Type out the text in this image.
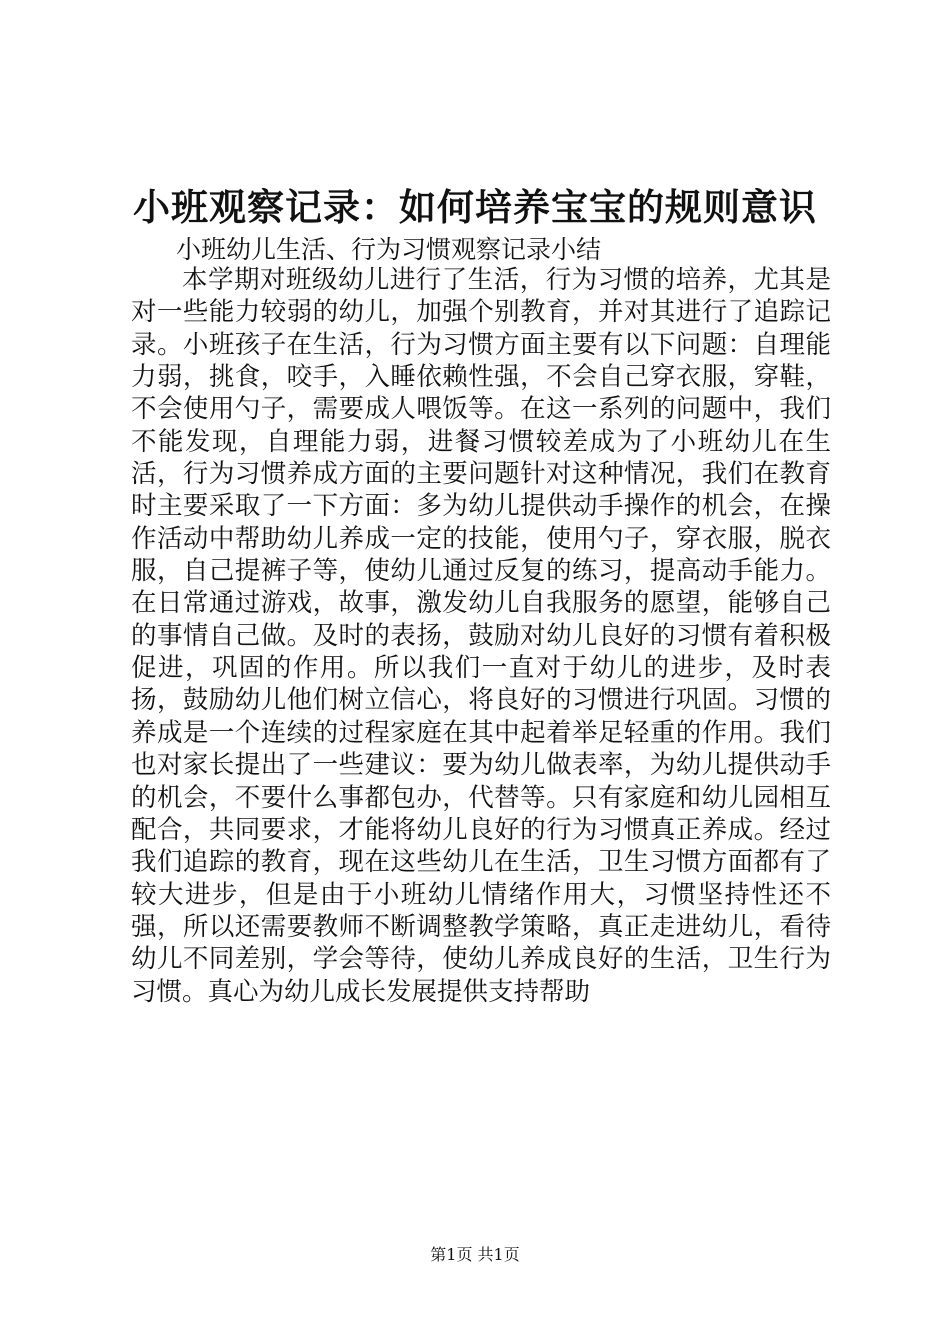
小班观察记录：如何培养宝宝的规则意识
小班幼儿生活、行为习惯观察记录小结

本学期对班级幼儿进行了生活，行为习惯的培养，尤其是对一些能力较弱的幼儿，加强个别教育，并对其进行了追踪记录。小班孩子在生活，行为习惯方面主要有以下问题：自理能力弱，挑食，咬手，入睡依赖性强，不会自己穿衣服，穿鞋，不会使用勺子，需要成人喂饭等。在这一系列的问题中，我们不能发现，自理能力弱，进餐习惯较差成为了小班幼儿在生活，行为习惯养成方面的主要问题针对这种情况，我们在教育时主要采取了一下方面：多为幼儿提供动手操作的机会，在操作活动中帮助幼儿养成一定的技能，使用勺子，穿衣服，脱衣服，自己提裤子等，使幼儿通过反复的练习，提高动手能力。在日常通过游戏，故事，激发幼儿自我服务的愿望，能够自己的事情自己做。及时的表扬，鼓励对幼儿良好的习惯有着积极促进，巩固的作用。所以我们一直对于幼儿的进步，及时表扬，鼓励幼儿他们树立信心，将良好的习惯进行巩固。习惯的养成是一个连续的过程家庭在其中起着举足轻重的作用。我们也对家长提出了一些建议：要为幼儿做表率，为幼儿提供动手的机会，不要什么事都包办，代替等。只有家庭和幼儿园相互配合，共同要求，才能将幼儿良好的行为习惯真正养成。经过我们追踪的教育，现在这些幼儿在生活，卫生习惯方面都有了较大进步，但是由于小班幼儿情绪作用大，习惯坚持性还不强，所以还需要教师不断调整教学策略，真正走进幼儿，看待幼儿不同差别，学会等待，使幼儿养成良好的生活，卫生行为习惯。真心为幼儿成长发展提供支持帮助

第1页 共1页
